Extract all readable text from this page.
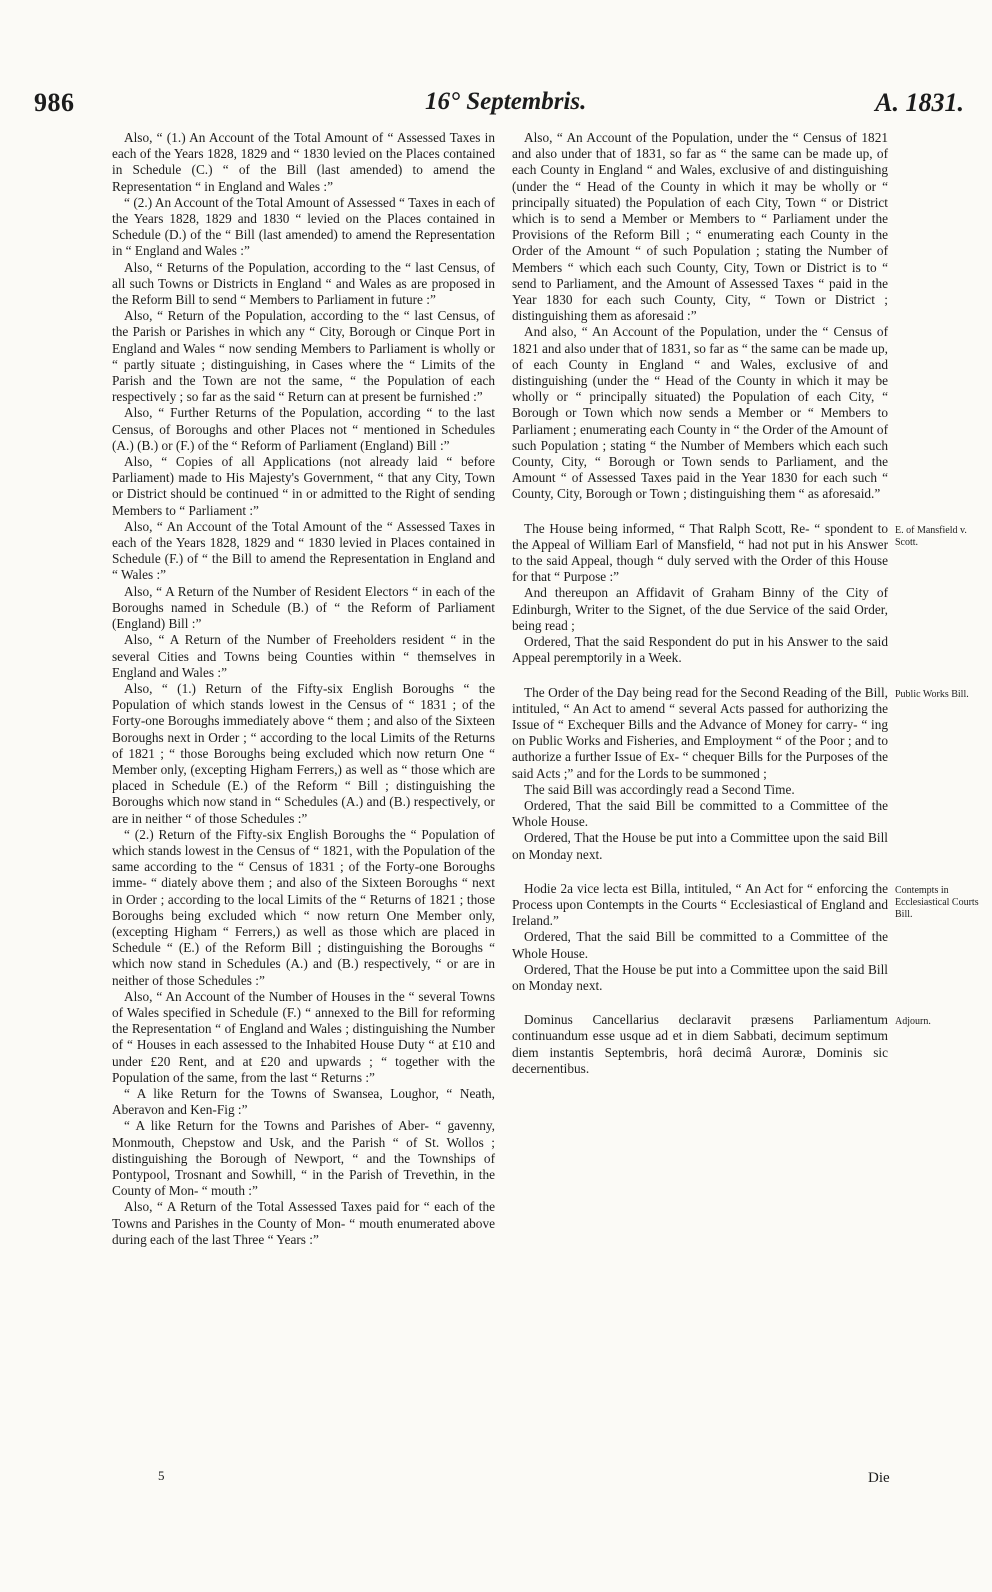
986	16° Septembris.	A. 1831.

Also, “ (1.) An Account of the Total Amount of “ Assessed Taxes in each of the Years 1828, 1829 and “ 1830 levied on the Places contained in Schedule (C.) “ of the Bill (last amended) to amend the Representation “ in England and Wales :”

“ (2.) An Account of the Total Amount of Assessed “ Taxes in each of the Years 1828, 1829 and 1830 “ levied on the Places contained in Schedule (D.) of the “ Bill (last amended) to amend the Representation in “ England and Wales :”

Also, “ Returns of the Population, according to the “ last Census, of all such Towns or Districts in England “ and Wales as are proposed in the Reform Bill to send “ Members to Parliament in future :”

Also, “ Return of the Population, according to the “ last Census, of the Parish or Parishes in which any “ City, Borough or Cinque Port in England and Wales “ now sending Members to Parliament is wholly or “ partly situate ; distinguishing, in Cases where the “ Limits of the Parish and the Town are not the same, “ the Population of each respectively ; so far as the said “ Return can at present be furnished :”

Also, “ Further Returns of the Population, according “ to the last Census, of Boroughs and other Places not “ mentioned in Schedules (A.) (B.) or (F.) of the “ Reform of Parliament (England) Bill :”

Also, “ Copies of all Applications (not already laid “ before Parliament) made to His Majesty's Government, “ that any City, Town or District should be continued “ in or admitted to the Right of sending Members to “ Parliament :”

Also, “ An Account of the Total Amount of the “ Assessed Taxes in each of the Years 1828, 1829 and “ 1830 levied in Places contained in Schedule (F.) of “ the Bill to amend the Representation in England and “ Wales :”

Also, “ A Return of the Number of Resident Electors “ in each of the Boroughs named in Schedule (B.) of “ the Reform of Parliament (England) Bill :”

Also, “ A Return of the Number of Freeholders resident “ in the several Cities and Towns being Counties within “ themselves in England and Wales :”

Also, “ (1.) Return of the Fifty-six English Boroughs “ the Population of which stands lowest in the Census of “ 1831 ; of the Forty-one Boroughs immediately above “ them ; and also of the Sixteen Boroughs next in Order ; “ according to the local Limits of the Returns of 1821 ; “ those Boroughs being excluded which now return One “ Member only, (excepting Higham Ferrers,) as well as “ those which are placed in Schedule (E.) of the Reform “ Bill ; distinguishing the Boroughs which now stand in “ Schedules (A.) and (B.) respectively, or are in neither “ of those Schedules :”

“ (2.) Return of the Fifty-six English Boroughs the “ Population of which stands lowest in the Census of “ 1821, with the Population of the same according to the “ Census of 1831 ; of the Forty-one Boroughs imme- “ diately above them ; and also of the Sixteen Boroughs “ next in Order ; according to the local Limits of the “ Returns of 1821 ; those Boroughs being excluded which “ now return One Member only, (excepting Higham “ Ferrers,) as well as those which are placed in Schedule “ (E.) of the Reform Bill ; distinguishing the Boroughs “ which now stand in Schedules (A.) and (B.) respectively, “ or are in neither of those Schedules :”

Also, “ An Account of the Number of Houses in the “ several Towns of Wales specified in Schedule (F.) “ annexed to the Bill for reforming the Representation “ of England and Wales ; distinguishing the Number of “ Houses in each assessed to the Inhabited House Duty “ at £10 and under £20 Rent, and at £20 and upwards ; “ together with the Population of the same, from the last “ Returns :”

“ A like Return for the Towns of Swansea, Loughor, “ Neath, Aberavon and Ken-Fig :”

“ A like Return for the Towns and Parishes of Aber- “ gavenny, Monmouth, Chepstow and Usk, and the Parish “ of St. Wollos ; distinguishing the Borough of Newport, “ and the Townships of Pontypool, Trosnant and Sowhill, “ in the Parish of Trevethin, in the County of Mon- “ mouth :”

Also, “ A Return of the Total Assessed Taxes paid for “ each of the Towns and Parishes in the County of Mon- “ mouth enumerated above during each of the last Three “ Years :”

Also, “ An Account of the Population, under the “ Census of 1821 and also under that of 1831, so far as “ the same can be made up, of each County in England “ and Wales, exclusive of and distinguishing (under the “ Head of the County in which it may be wholly or “ principally situated) the Population of each City, Town “ or District which is to send a Member or Members to “ Parliament under the Provisions of the Reform Bill ; “ enumerating each County in the Order of the Amount “ of such Population ; stating the Number of Members “ which each such County, City, Town or District is to “ send to Parliament, and the Amount of Assessed Taxes “ paid in the Year 1830 for each such County, City, “ Town or District ; distinguishing them as aforesaid :”

And also, “ An Account of the Population, under the “ Census of 1821 and also under that of 1831, so far as “ the same can be made up, of each County in England “ and Wales, exclusive of and distinguishing (under the “ Head of the County in which it may be wholly or “ principally situated) the Population of each City, “ Borough or Town which now sends a Member or “ Members to Parliament ; enumerating each County in “ the Order of the Amount of such Population ; stating “ the Number of Members which each such County, City, “ Borough or Town sends to Parliament, and the Amount “ of Assessed Taxes paid in the Year 1830 for each such “ County, City, Borough or Town ; distinguishing them “ as aforesaid.”

The House being informed, “ That Ralph Scott, Re- “ spondent to the Appeal of William Earl of Mansfield, “ had not put in his Answer to the said Appeal, though “ duly served with the Order of this House for that “ Purpose :”

And thereupon an Affidavit of Graham Binny of the City of Edinburgh, Writer to the Signet, of the due Service of the said Order, being read ;

Ordered, That the said Respondent do put in his Answer to the said Appeal peremptorily in a Week.

The Order of the Day being read for the Second Reading of the Bill, intituled, “ An Act to amend “ several Acts passed for authorizing the Issue of “ Exchequer Bills and the Advance of Money for carry- “ ing on Public Works and Fisheries, and Employment “ of the Poor ; and to authorize a further Issue of Ex- “ chequer Bills for the Purposes of the said Acts ;” and for the Lords to be summoned ;

The said Bill was accordingly read a Second Time.

Ordered, That the said Bill be committed to a Committee of the Whole House.

Ordered, That the House be put into a Committee upon the said Bill on Monday next.

Hodie 2a vice lecta est Billa, intituled, “ An Act for “ enforcing the Process upon Contempts in the Courts “ Ecclesiastical of England and Ireland.”

Ordered, That the said Bill be committed to a Committee of the Whole House.

Ordered, That the House be put into a Committee upon the said Bill on Monday next.

Dominus Cancellarius declaravit præsens Parliamentum continuandum esse usque ad et in diem Sabbati, decimum septimum diem instantis Septembris, horâ decimâ Auroræ, Dominis sic decernentibus.

E. of Mansfield v. Scott.
Public Works Bill.
Contempts in Ecclesiastical Courts Bill.
Adjourn.
5	Die
